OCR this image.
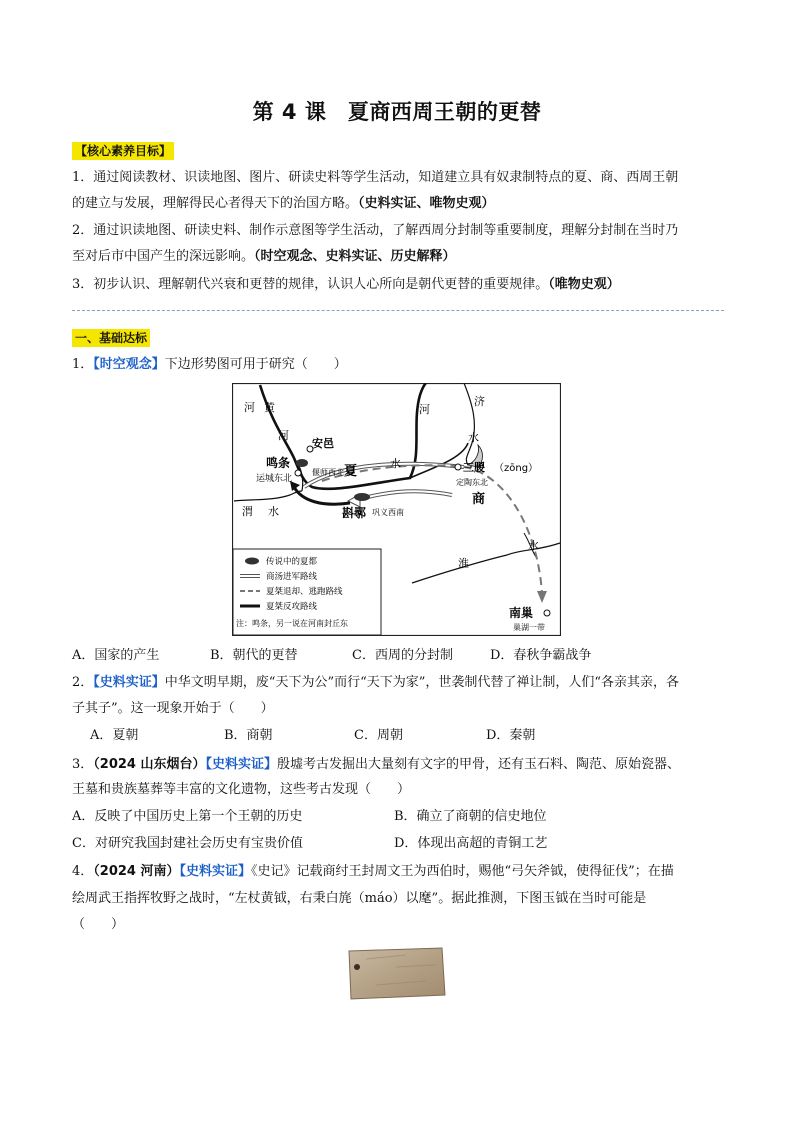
第 4 课　夏商西周王朝的更替
【核心素养目标】
1．通过阅读教材、识读地图、图片、研读史料等学生活动，知道建立具有奴隶制特点的夏、商、西周王朝
的建立与发展，理解得民心者得天下的治国方略。（史料实证、唯物史观）
2．通过识读地图、研读史料、制作示意图等学生活动，了解西周分封制等重要制度，理解分封制在当时乃
至对后市中国产生的深远影响。（时空观念、史料实证、历史解释）
3．初步认识、理解朝代兴衰和更替的规律，认识人心所向是朝代更替的重要规律。（唯物史观）
一、基础达标
1．【时空观念】下边形势图可用于研究（　　）
河 黄	河
济
水
河
安邑
鸣条
运城东北	夏
偃师西北
水	三朡 （zōng）
定陶东北
商
渭 水	斟鄩 巩义西南
水
淮
南巢
巢湖一带
传说中的夏都
商汤进军路线
夏桀退却、逃跑路线
夏桀反攻路线
注：鸣条，另一说在河南封丘东
A．国家的产生	B．朝代的更替	C．西周的分封制	D．春秋争霸战争
2．【史料实证】中华文明早期，废“天下为公”而行“天下为家”，世袭制代替了禅让制，人们“各亲其亲，各
子其子”。这一现象开始于（　　）
A．夏朝	B．商朝	C．周朝	D．秦朝
3．（2024 山东烟台）【史料实证】殷墟考古发掘出大量刻有文字的甲骨，还有玉石料、陶范、原始瓷器、
王墓和贵族墓葬等丰富的文化遗物，这些考古发现（　　）
A．反映了中国历史上第一个王朝的历史	B．确立了商朝的信史地位
C．对研究我国封建社会历史有宝贵价值	D．体现出高超的青铜工艺
4．（2024 河南）【史料实证】《史记》记载商纣王封周文王为西伯时，赐他“弓矢斧钺，使得征伐”；在描
绘周武王指挥牧野之战时，“左杖黄钺，右秉白旄（máo）以麾”。据此推测，下图玉钺在当时可能是
（　　）
